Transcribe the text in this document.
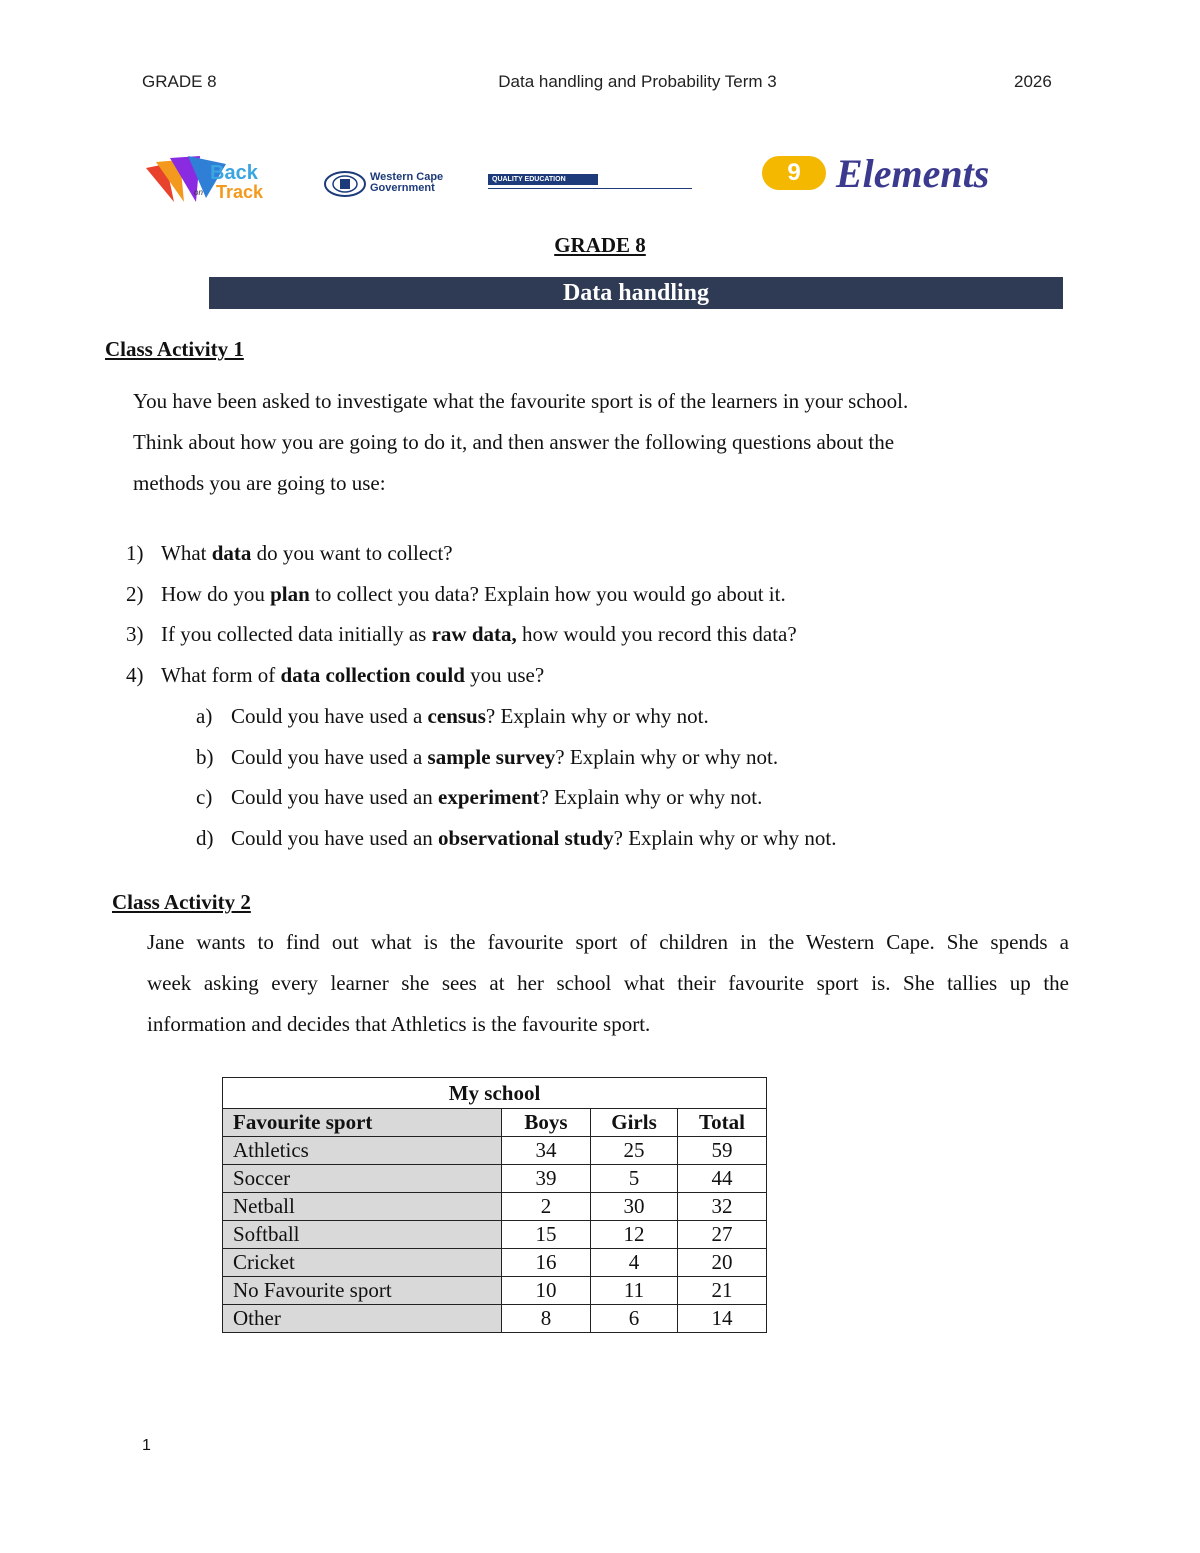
GRADE 8	Data handling and Probability Term 3	2026
Back
on Track
Western Cape
Government
QUALITY EDUCATION	9 Elements
GRADE 8
Data handling
Class Activity 1
You have been asked to investigate what the favourite sport is of the learners in your school.
Think about how you are going to do it, and then answer the following questions about the
methods you are going to use:
1) What data do you want to collect?
2) How do you plan to collect you data? Explain how you would go about it.
3) If you collected data initially as raw data, how would you record this data?
4) What form of data collection could you use?
a) Could you have used a census? Explain why or why not.
b) Could you have used a sample survey? Explain why or why not.
c) Could you have used an experiment? Explain why or why not.
d) Could you have used an observational study? Explain why or why not.
Class Activity 2
Jane wants to find out what is the favourite sport of children in the Western Cape. She spends a
week asking every learner she sees at her school what their favourite sport is. She tallies up the
information and decides that Athletics is the favourite sport.
My school			
Favourite sport	Boys	Girls	Total
Athletics	34	25	59
Soccer	39	5	44
Netball	2	30	32
Softball	15	12	27
Cricket	16	4	20
No Favourite sport	10	11	21
Other	8	6	14
1
